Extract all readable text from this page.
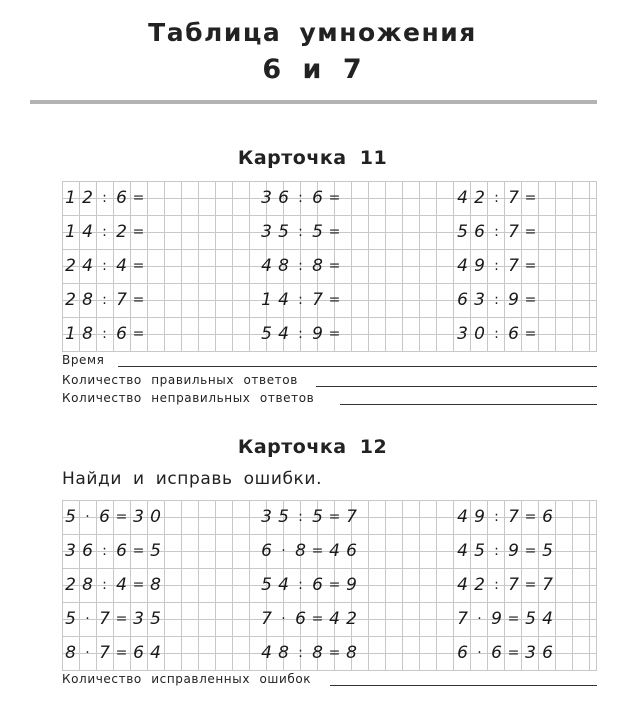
Таблица умножения
6 и 7
Карточка 11
1 2 : 6 =	3 6 : 6 =	4 2 : 7 =
1 4 : 2 =	3 5 : 5 =	5 6 : 7 =
2 4 : 4 =	4 8 : 8 =	4 9 : 7 =
2 8 : 7 =	1 4 : 7 =	6 3 : 9 =
1 8 : 6 =	5 4 : 9 =	3 0 : 6 =
Время
Количество правильных ответов
Количество неправильных ответов
Карточка 12
Найди и исправь ошибки.
5 · 6 = 3 0	3 5 : 5 = 7	4 9 : 7 = 6
3 6 : 6 = 5	6 · 8 = 4 6	4 5 : 9 = 5
2 8 : 4 = 8	5 4 : 6 = 9	4 2 : 7 = 7
5 · 7 = 3 5	7 · 6 = 4 2	7 · 9 = 5 4
8 · 7 = 6 4	4 8 : 8 = 8	6 · 6 = 3 6
Количество исправленных ошибок
